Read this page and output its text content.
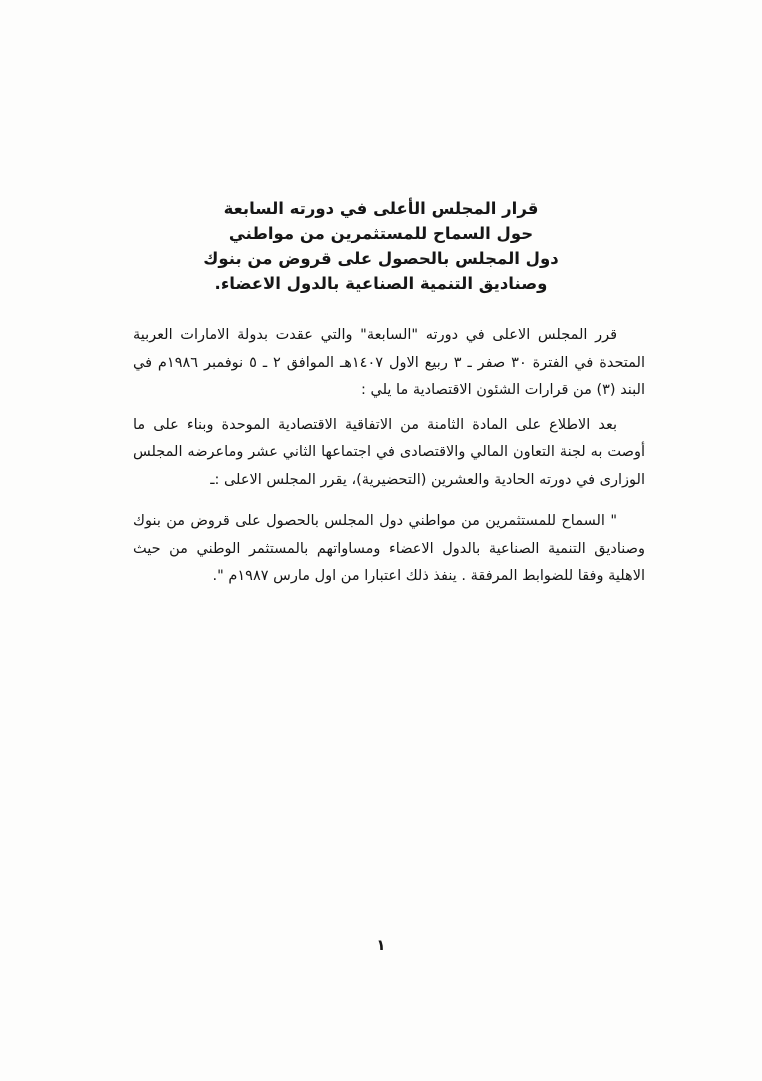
قرار المجلس الأعلى في دورته السابعة
حول السماح للمستثمرين من مواطني
دول المجلس بالحصول على قروض من بنوك
وصناديق التنمية الصناعية بالدول الاعضاء.

قرر المجلس الاعلى في دورته "السابعة" والتي عقدت بدولة الامارات العربية المتحدة في الفترة ٣٠ صفر ـ ٣ ربيع الاول ١٤٠٧هـ الموافق ٢ ـ ٥ نوفمبر ١٩٨٦م في البند (٣) من قرارات الشئون الاقتصادية ما يلي :

بعد الاطلاع على المادة الثامنة من الاتفاقية الاقتصادية الموحدة وبناء على ما أوصت به لجنة التعاون المالي والاقتصادى في اجتماعها الثاني عشر وماعرضه المجلس الوزارى في دورته الحادية والعشرين (التحضيرية)، يقرر المجلس الاعلى :ـ

" السماح للمستثمرين من مواطني دول المجلس بالحصول على قروض من بنوك وصناديق التنمية الصناعية بالدول الاعضاء ومساواتهم بالمستثمر الوطني من حيث الاهلية وفقا للضوابط المرفقة . ينفذ ذلك اعتبارا من اول مارس ١٩٨٧م ".

١
